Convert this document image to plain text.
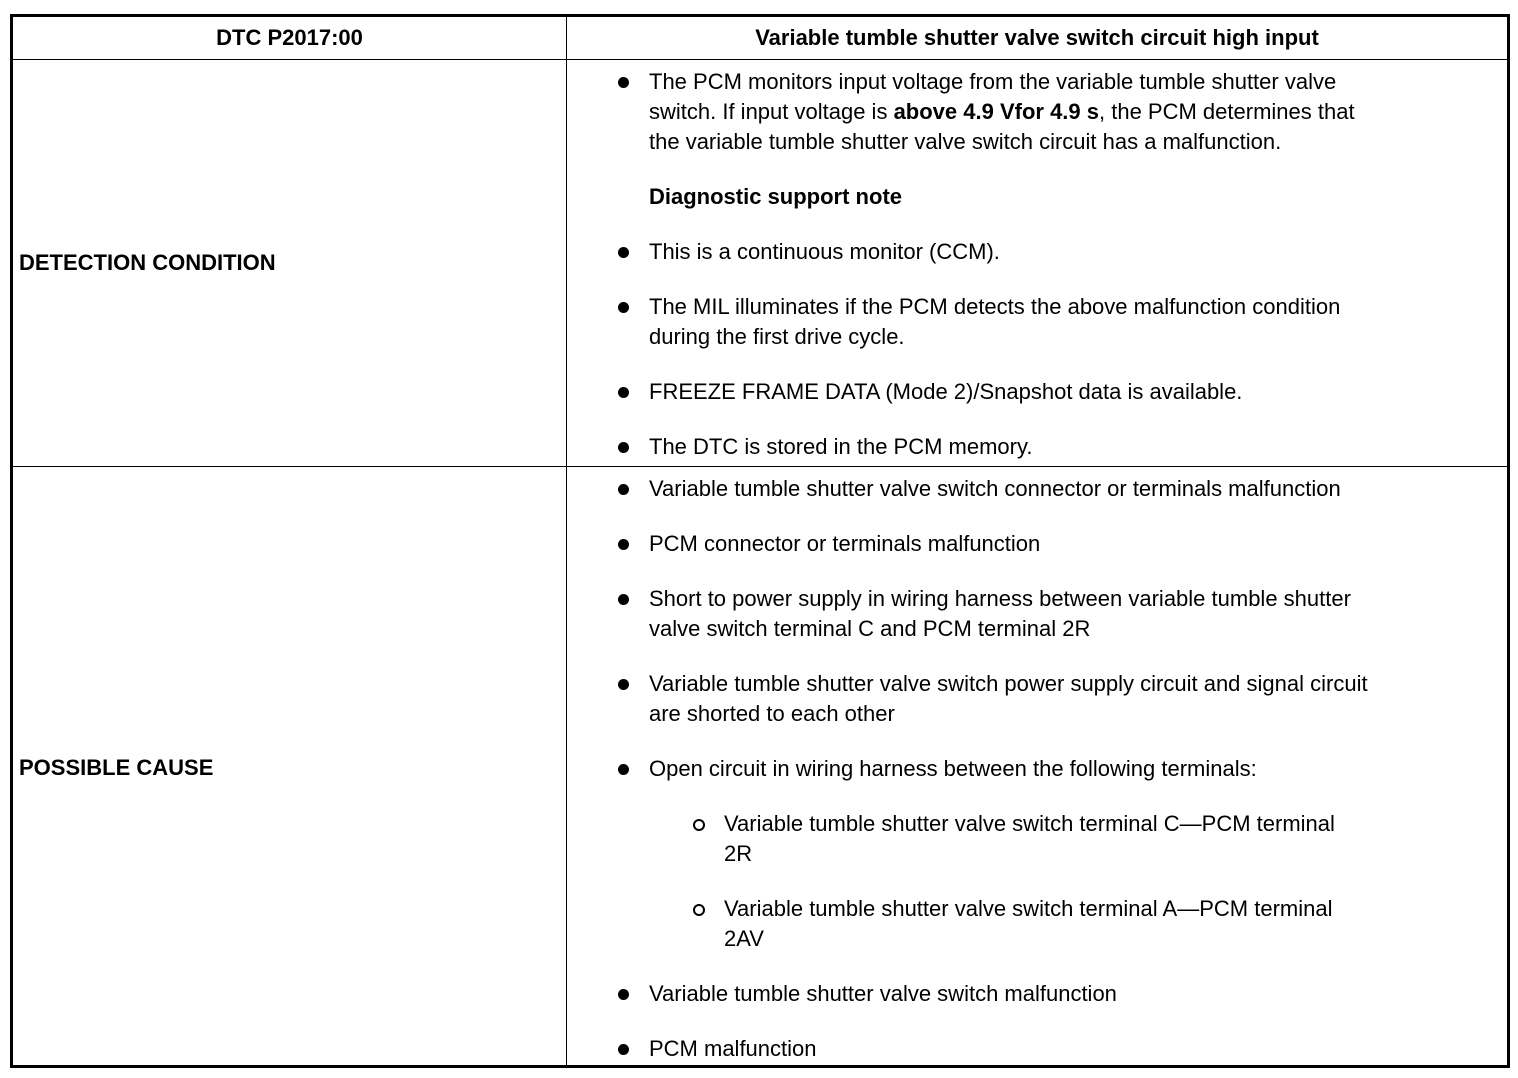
DTC P2017:00	Variable tumble shutter valve switch circuit high input
DETECTION CONDITION
The PCM monitors input voltage from the variable tumble shutter valve
switch. If input voltage is above 4.9 Vfor 4.9 s, the PCM determines that
the variable tumble shutter valve switch circuit has a malfunction.
Diagnostic support note
This is a continuous monitor (CCM).
The MIL illuminates if the PCM detects the above malfunction condition
during the first drive cycle.
FREEZE FRAME DATA (Mode 2)/Snapshot data is available.
The DTC is stored in the PCM memory.
POSSIBLE CAUSE
Variable tumble shutter valve switch connector or terminals malfunction
PCM connector or terminals malfunction
Short to power supply in wiring harness between variable tumble shutter
valve switch terminal C and PCM terminal 2R
Variable tumble shutter valve switch power supply circuit and signal circuit
are shorted to each other
Open circuit in wiring harness between the following terminals:
Variable tumble shutter valve switch terminal C—PCM terminal
2R
Variable tumble shutter valve switch terminal A—PCM terminal
2AV
Variable tumble shutter valve switch malfunction
PCM malfunction
